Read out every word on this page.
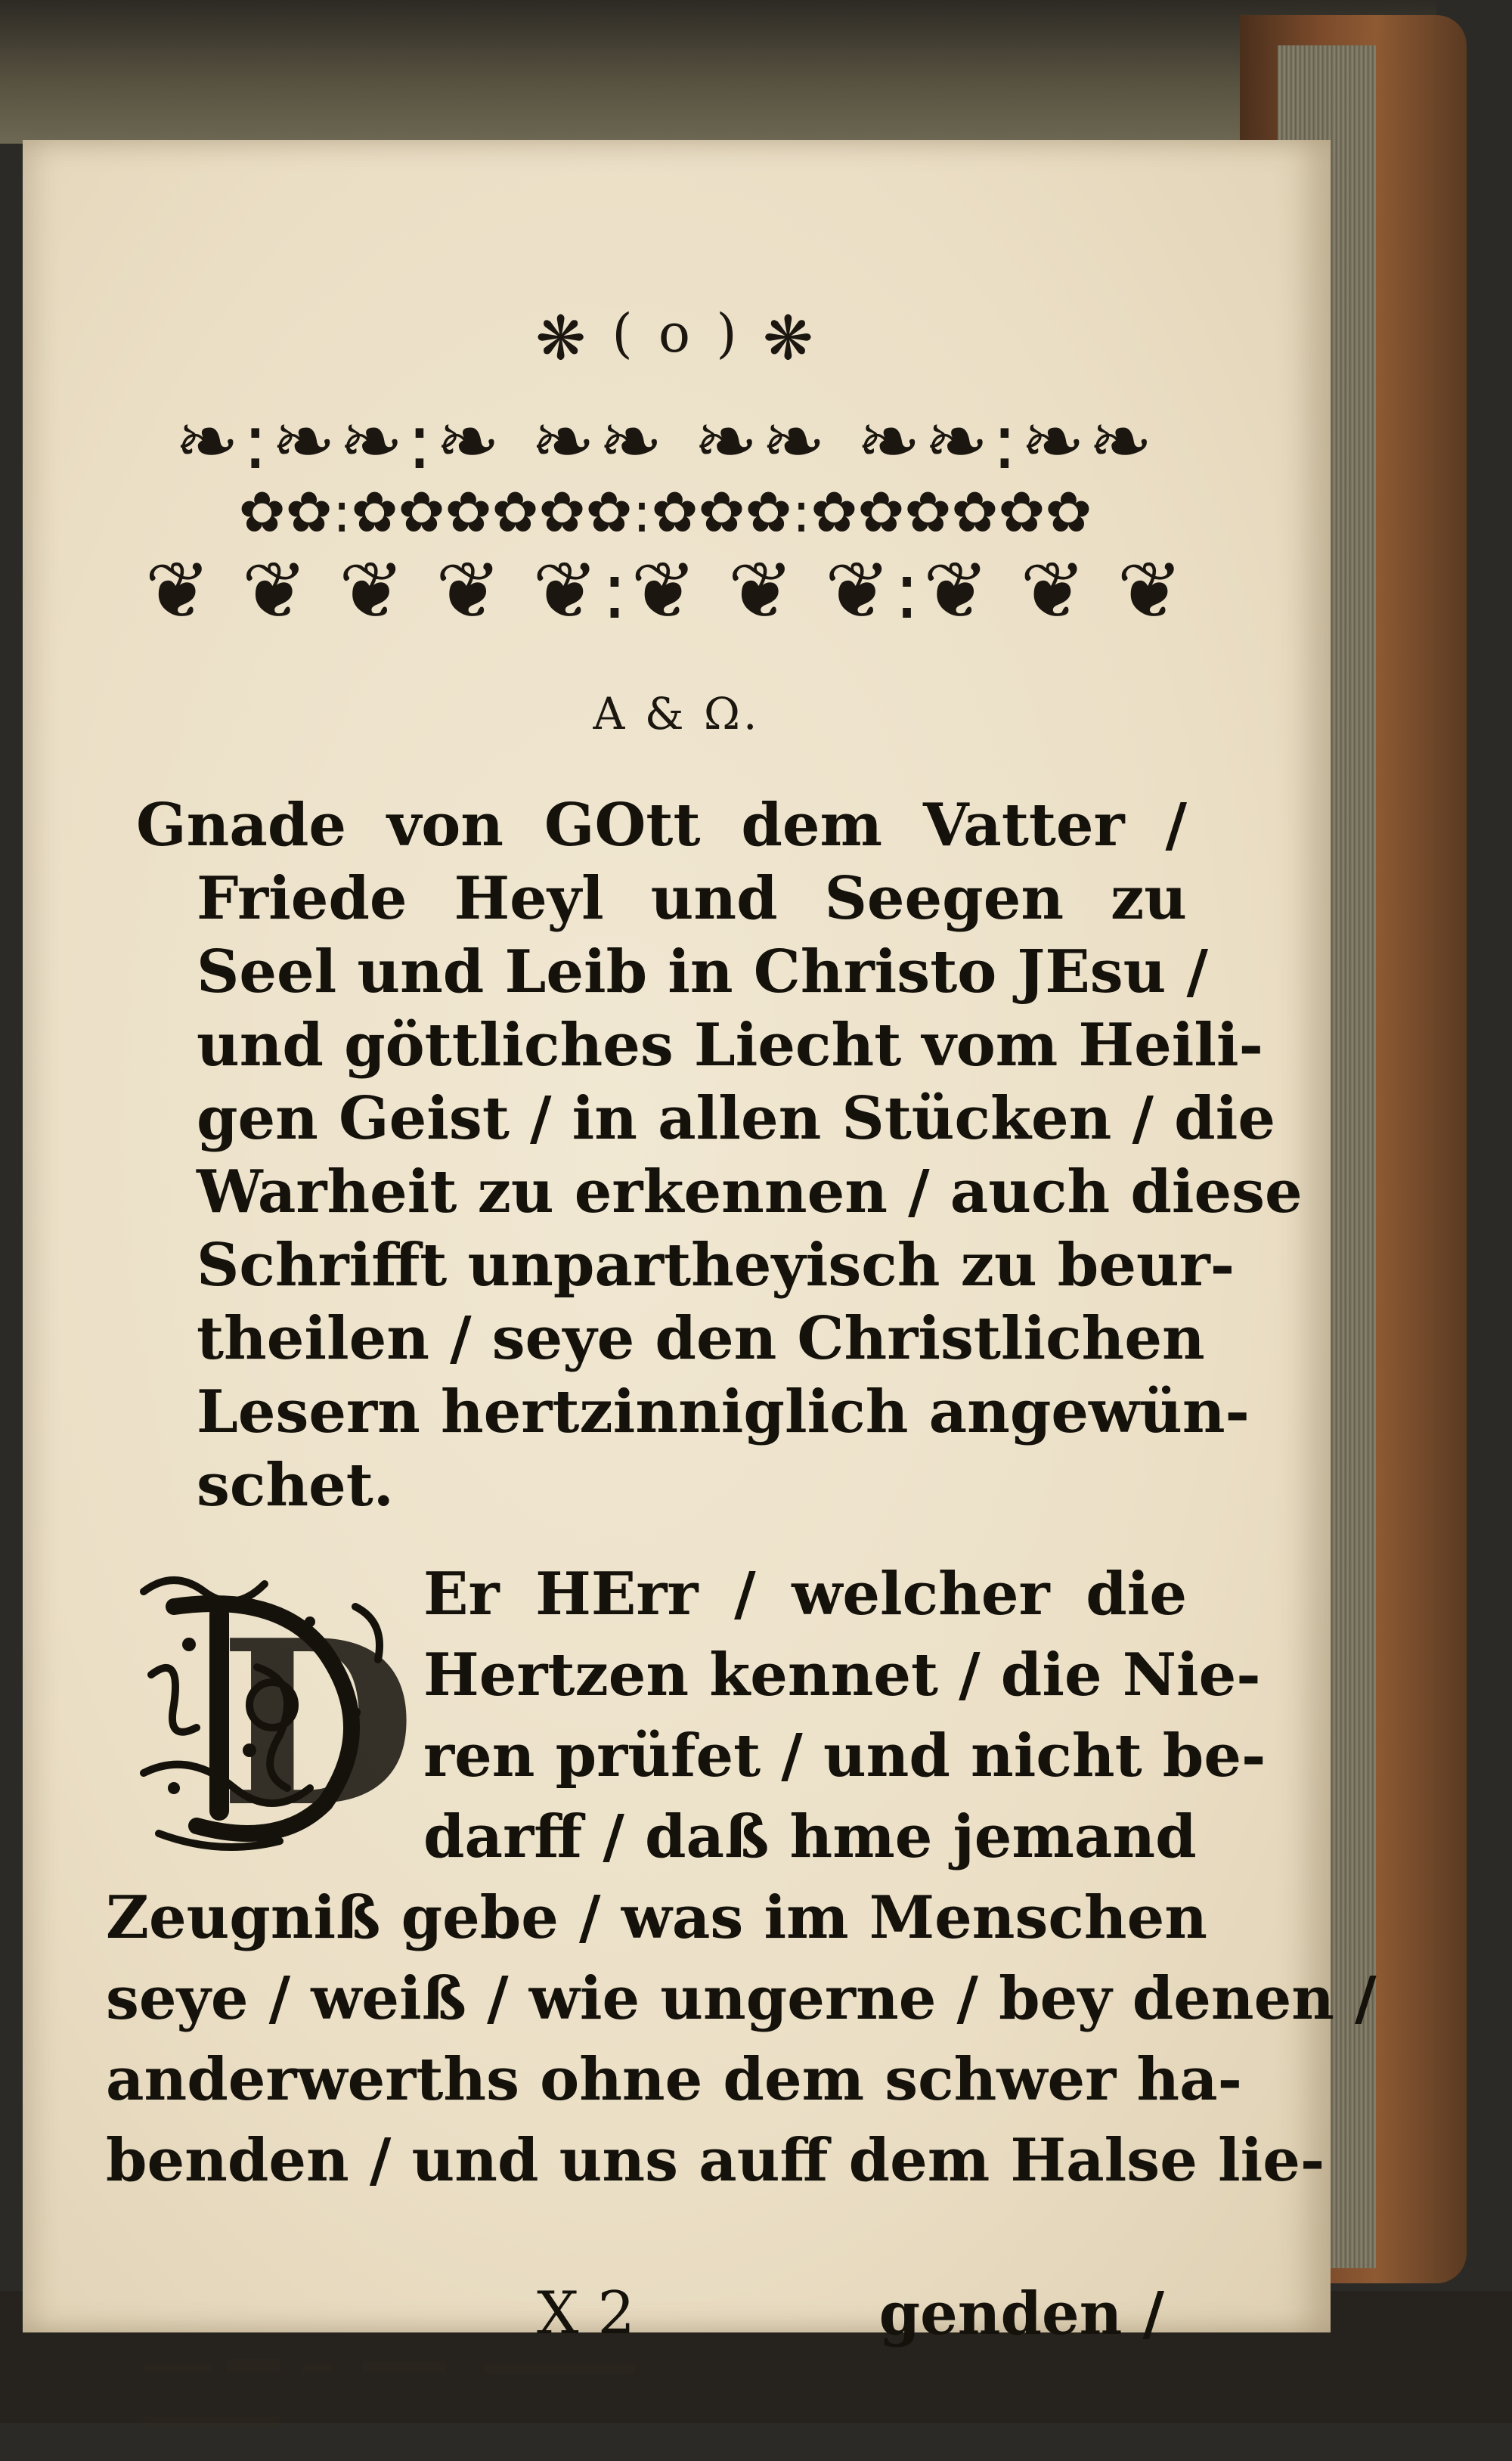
❋ ( o ) ❋
❧:❧❧:❧ ❧❧ ❧❧ ❧❧:❧❧
✿✿:✿✿✿✿✿✿:✿✿✿:✿✿✿✿✿✿
❦ ❦ ❦ ❦ ❦:❦ ❦ ❦:❦ ❦ ❦
A & Ω.
Gnade von GOtt dem Vatter /
Friede Heyl und Seegen zu
Seel und Leib in Christo JEsu /
und göttliches Liecht vom Heili-
gen Geist / in allen Stücken / die
Warheit zu erkennen / auch diese
Schrifft unpartheyisch zu beur-
theilen / seye den Christlichen
Lesern hertzinniglich angewün-
schet.
D Er HErr / welcher die
Hertzen kennet / die Nie-
ren prüfet / und nicht be-
darff / daß hme jemand
Zeugniß gebe / was im Menschen
seye / weiß / wie ungerne / bey denen /
anderwerths ohne dem schwer ha-
benden / und uns auff dem Halse lie-
X 2	genden /
